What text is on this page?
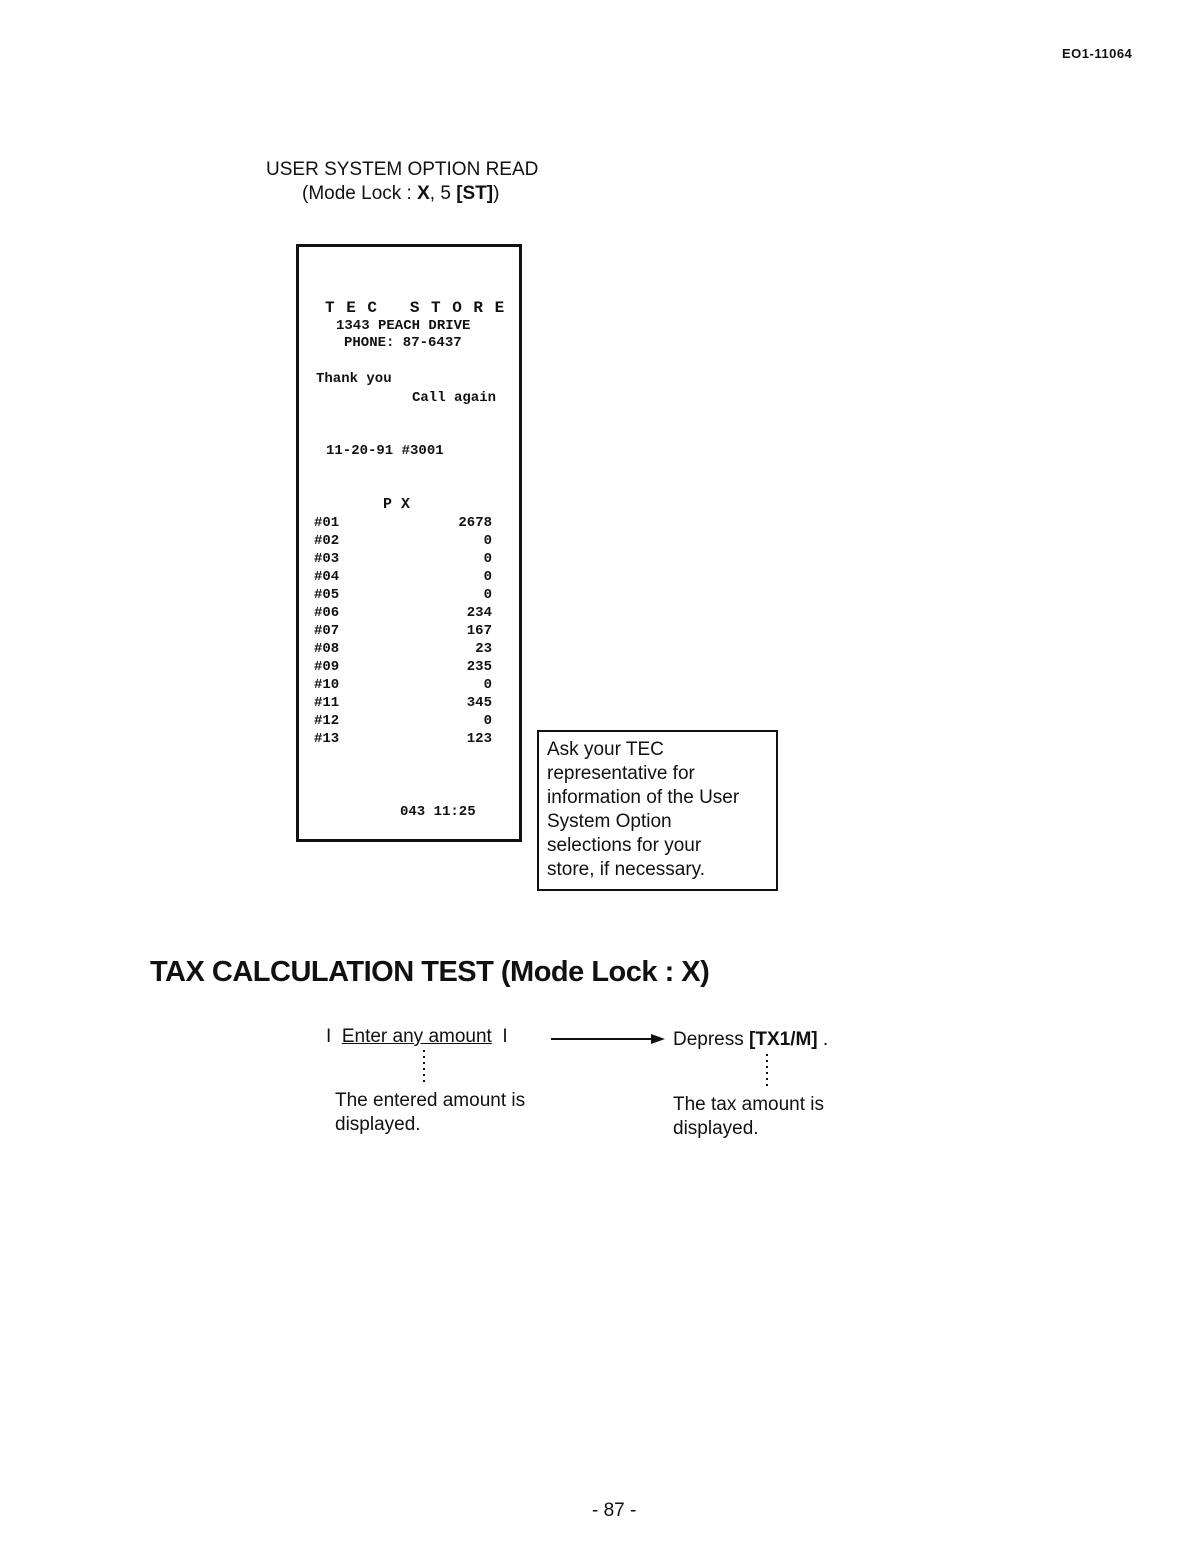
EO1-11064
USER SYSTEM OPTION READ
(Mode Lock : X, 5 [ST])
T E C   S T O R E
1343 PEACH DRIVE
PHONE: 87-6437
Thank you
Call again
11-20-91 #3001
P X
#01	2678
#02	0
#03	0
#04	0
#05	0
#06	234
#07	167
#08	23
#09	235
#10	0
#11	345
#12	0
#13	123
043 11:25
Ask your TEC
representative for
information of the User
System Option
selections for your
store, if necessary.
TAX CALCULATION TEST (Mode Lock : X)
I  Enter any amount  I	Depress [TX1/M] .
The entered amount is
displayed.
The tax amount is
displayed.
- 87 -
